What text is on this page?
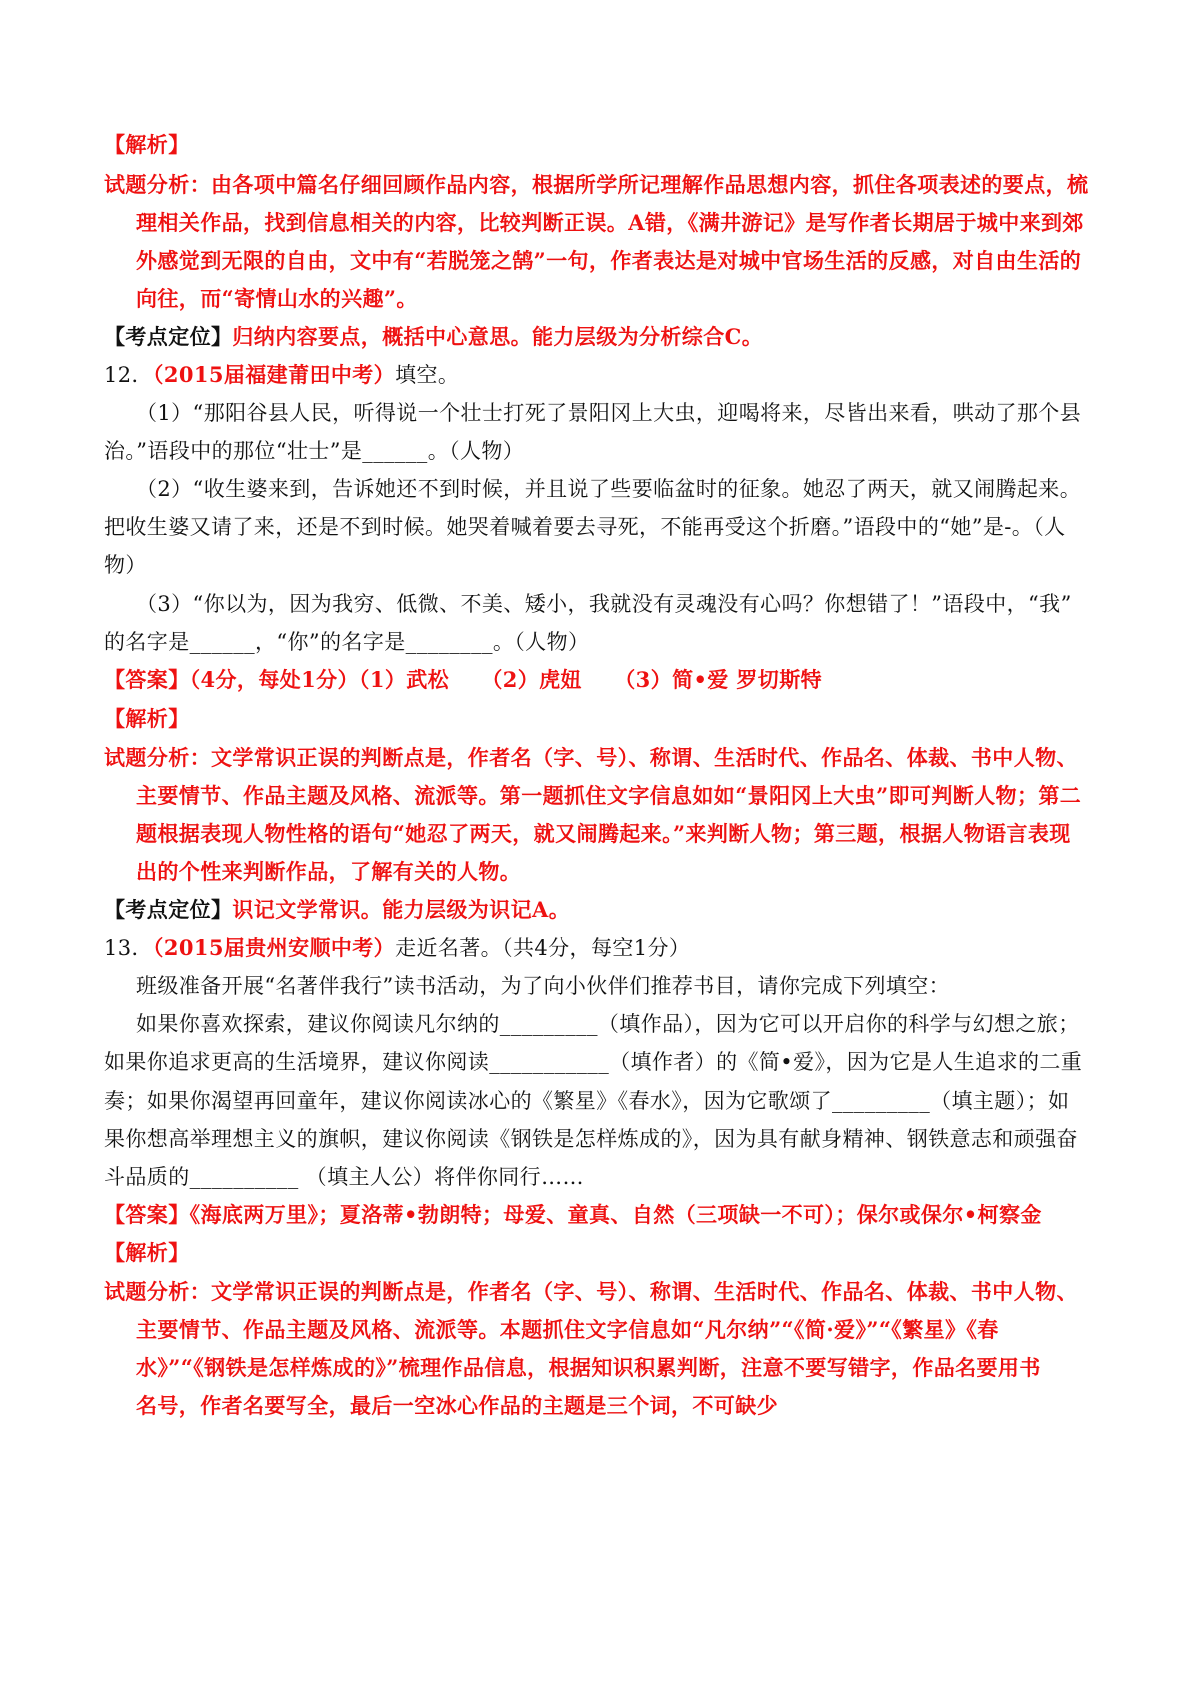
【解析】
试题分析：由各项中篇名仔细回顾作品内容，根据所学所记理解作品思想内容，抓住各项表述的要点，梳
理相关作品，找到信息相关的内容，比较判断正误。A错，《满井游记》是写作者长期居于城中来到郊
外感觉到无限的自由，文中有“若脱笼之鹄”一句，作者表达是对城中官场生活的反感，对自由生活的
向往，而“寄情山水的兴趣”。
【考点定位】归纳内容要点，概括中心意思。能力层级为分析综合C。
12．（2015届福建莆田中考）填空。
（1）“那阳谷县人民，听得说一个壮士打死了景阳冈上大虫，迎喝将来，尽皆出来看，哄动了那个县
治。”语段中的那位“壮士”是______。（人物）
（2）“收生婆来到，告诉她还不到时候，并且说了些要临盆时的征象。她忍了两天，就又闹腾起来。
把收生婆又请了来，还是不到时候。她哭着喊着要去寻死，不能再受这个折磨。”语段中的“她”是-。（人
物）
（3）“你以为，因为我穷、低微、不美、矮小，我就没有灵魂没有心吗？你想错了！”语段中，“我”
的名字是______，“你”的名字是________。（人物）
【答案】（4分，每处1分）（1）武松　　（2）虎妞　　（3）简•爱 罗切斯特
【解析】
试题分析：文学常识正误的判断点是，作者名（字、号）、称谓、生活时代、作品名、体裁、书中人物、
主要情节、作品主题及风格、流派等。第一题抓住文字信息如如“景阳冈上大虫”即可判断人物；第二
题根据表现人物性格的语句“她忍了两天，就又闹腾起来。”来判断人物；第三题，根据人物语言表现
出的个性来判断作品，了解有关的人物。
【考点定位】识记文学常识。能力层级为识记A。
13．（2015届贵州安顺中考）走近名著。（共4分，每空1分）
班级准备开展“名著伴我行”读书活动，为了向小伙伴们推荐书目，请你完成下列填空：
如果你喜欢探索，建议你阅读凡尔纳的_________（填作品），因为它可以开启你的科学与幻想之旅；
如果你追求更高的生活境界，建议你阅读___________（填作者）的《简•爱》，因为它是人生追求的二重
奏；如果你渴望再回童年，建议你阅读冰心的《繁星》《春水》，因为它歌颂了_________（填主题）；如
果你想高举理想主义的旗帜，建议你阅读《钢铁是怎样炼成的》，因为具有献身精神、钢铁意志和顽强奋
斗品质的__________ （填主人公）将伴你同行……
【答案】《海底两万里》；夏洛蒂•勃朗特；母爱、童真、自然（三项缺一不可）；保尔或保尔•柯察金
【解析】
试题分析：文学常识正误的判断点是，作者名（字、号）、称谓、生活时代、作品名、体裁、书中人物、
主要情节、作品主题及风格、流派等。本题抓住文字信息如“凡尔纳”“《简·爱》”“《繁星》《春
水》”“《钢铁是怎样炼成的》”梳理作品信息，根据知识积累判断，注意不要写错字，作品名要用书
名号，作者名要写全，最后一空冰心作品的主题是三个词，不可缺少
